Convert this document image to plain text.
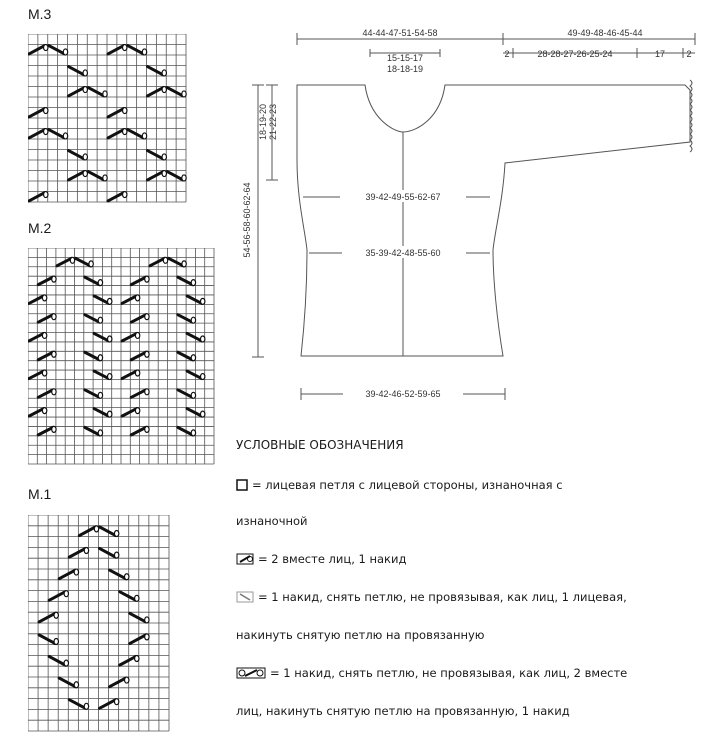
M.3
M.2
M.1
44-44-47-51-54-58	49-49-48-46-45-44
2	28-28-27-26-25-24	17 2
15-15-17
18-18-19
54-56-58-60-62-64
18-19-20 21-22-23
39-42-49-55-62-67
35-39-42-48-55-60
39-42-46-52-59-65
УСЛОВНЫЕ ОБОЗНАЧЕНИЯ
= лицевая петля с лицевой стороны, изнаночная с
изнаночной
= 2 вместе лиц, 1 накид
= 1 накид, снять петлю, не провязывая, как лиц, 1 лицевая,
накинуть снятую петлю на провязанную
= 1 накид, снять петлю, не провязывая, как лиц, 2 вместе
лиц, накинуть снятую петлю на провязанную, 1 накид
